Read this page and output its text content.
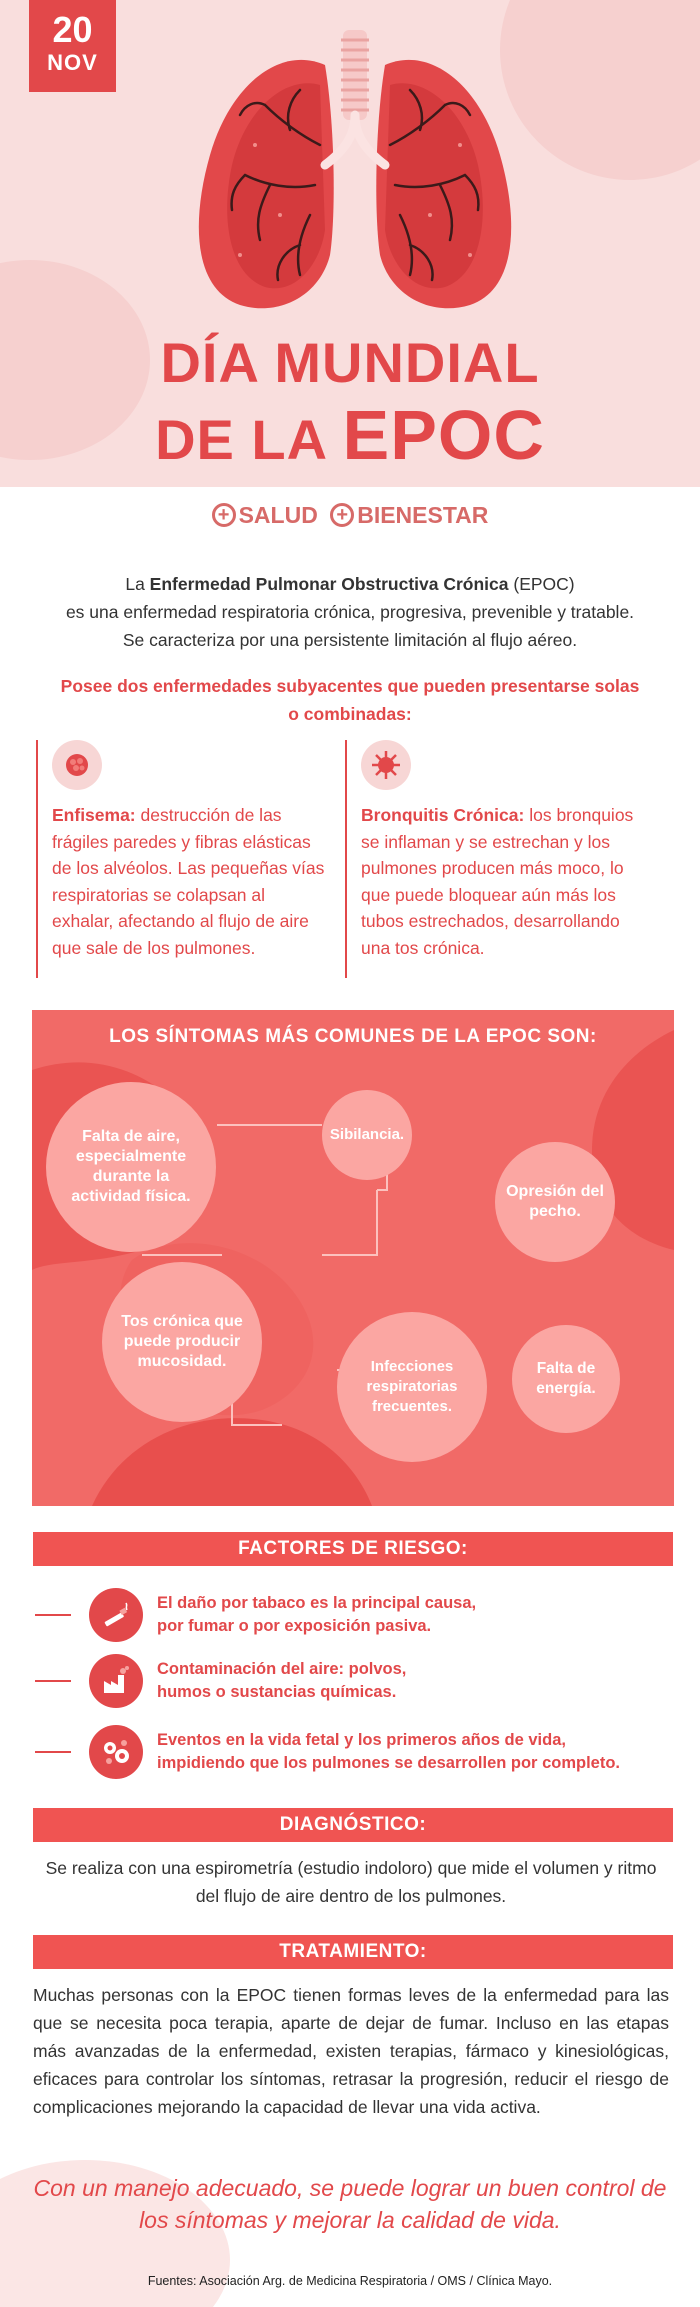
20
NOV
DÍA MUNDIAL
DE LA EPOC
+ SALUD
+ BIENESTAR
La Enfermedad Pulmonar Obstructiva Crónica (EPOC)
es una enfermedad respiratoria crónica, progresiva, prevenible y tratable.
Se caracteriza por una persistente limitación al flujo aéreo.
Posee dos enfermedades subyacentes que pueden presentarse solas o combinadas:
Enfisema: destrucción de las frágiles paredes y fibras elásticas de los alvéolos. Las pequeñas vías respiratorias se colapsan al exhalar, afectando al flujo de aire que sale de los pulmones.
Bronquitis Crónica: los bronquios se inflaman y se estrechan y los pulmones producen más moco, lo que puede bloquear aún más los tubos estrechados, desarrollando una tos crónica.
LOS SÍNTOMAS MÁS COMUNES DE LA EPOC SON:
Falta de aire, especialmente durante la actividad física.
Sibilancia.
Opresión del pecho.
Tos crónica que puede producir mucosidad.	Infecciones respiratorias frecuentes.
Falta de energía.
FACTORES DE RIESGO:
El daño por tabaco es la principal causa,
por fumar o por exposición pasiva.
Contaminación del aire: polvos,
humos o sustancias químicas.
Eventos en la vida fetal y los primeros años de vida,
impidiendo que los pulmones se desarrollen por completo.
DIAGNÓSTICO:
Se realiza con una espirometría (estudio indoloro) que mide el volumen y ritmo del flujo de aire dentro de los pulmones.
TRATAMIENTO:
Muchas personas con la EPOC tienen formas leves de la enfermedad para las que se necesita poca terapia, aparte de dejar de fumar. Incluso en las etapas más avanzadas de la enfermedad, existen terapias, fármaco y kinesiológicas, eficaces para controlar los síntomas, retrasar la progresión, reducir el riesgo de complicaciones mejorando la capacidad de llevar una vida activa.
Con un manejo adecuado, se puede lograr un buen control de los síntomas y mejorar la calidad de vida.
Fuentes: Asociación Arg. de Medicina Respiratoria / OMS / Clínica Mayo.
